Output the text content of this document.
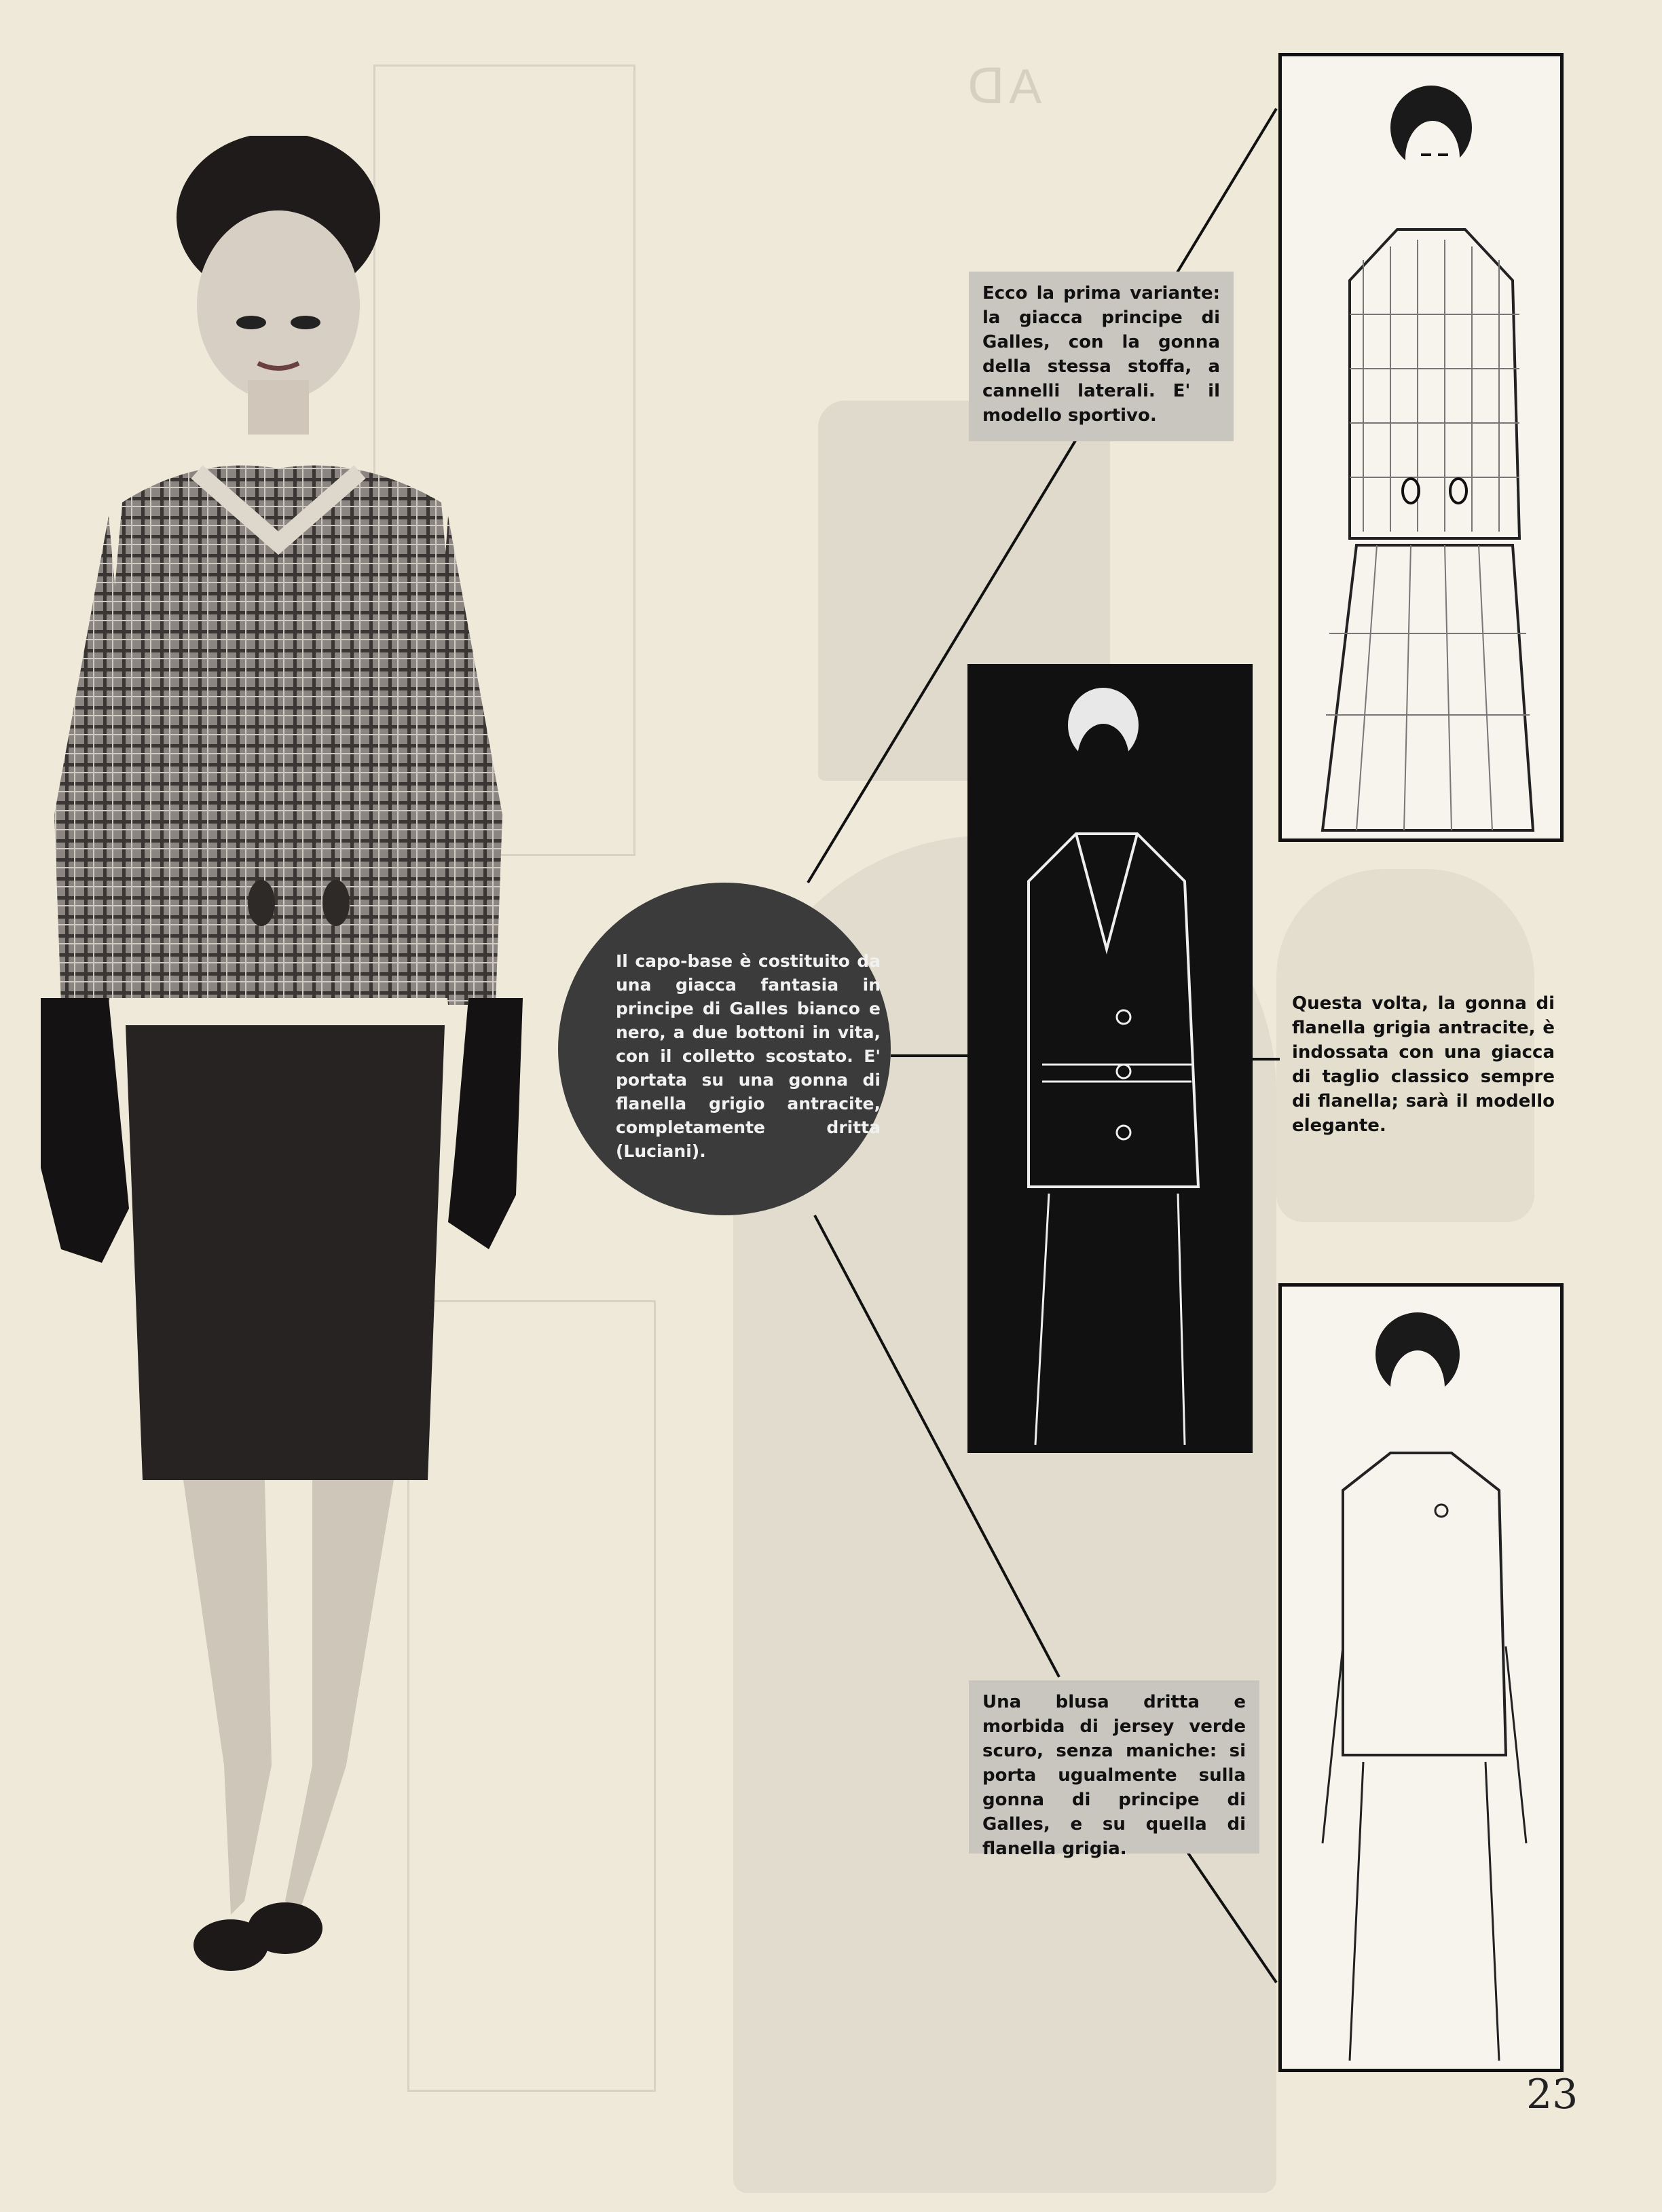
ᗡA
Ecco la prima variante: la giacca principe di Galles, con la gonna della stessa stoffa, a cannelli laterali. E' il modello sportivo.
Il capo-base è costituito da una giacca fantasia in principe di Galles bianco e nero, a due bottoni in vita, con il colletto scostato. E' portata su una gonna di flanella grigio antracite, completamente dritta (Luciani).
Questa volta, la gonna di flanella grigia antracite, è indossata con una giacca di taglio classico sempre di flanella; sarà il modello elegante.
Una blusa dritta e morbida di jersey verde scuro, senza maniche: si porta ugualmente sulla gonna di principe di Galles, e su quella di flanella grigia.
23
